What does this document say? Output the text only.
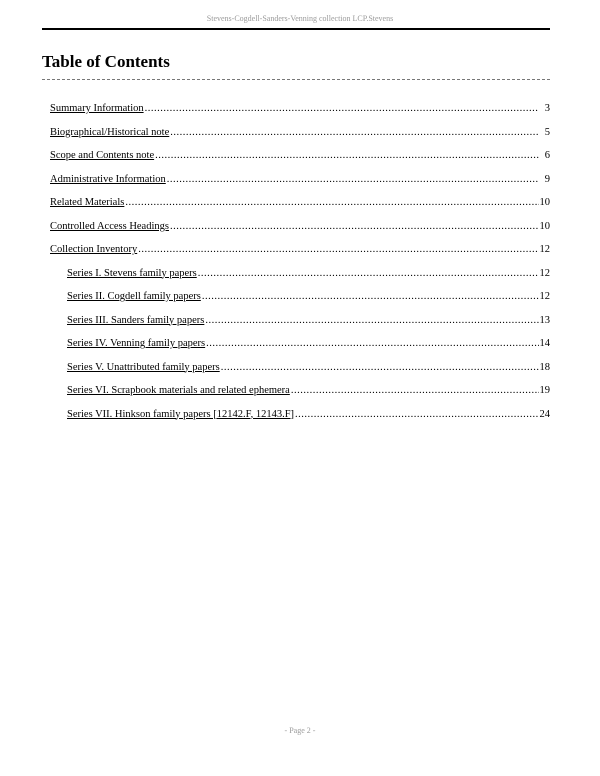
Stevens-Cogdell-Sanders-Venning collection LCP.Stevens
Table of Contents
Summary Information .....	3
Biographical/Historical note .....	5
Scope and Contents note .....	6
Administrative Information .....	9
Related Materials .....	10
Controlled Access Headings .....	10
Collection Inventory .....	12
Series I. Stevens family papers .....	12
Series II. Cogdell family papers .....	12
Series III. Sanders family papers .....	13
Series IV. Venning family papers .....	14
Series V. Unattributed family papers .....	18
Series VI. Scrapbook materials and related ephemera .....	19
Series VII. Hinkson family papers [12142.F, 12143.F] .....	24
- Page 2 -
